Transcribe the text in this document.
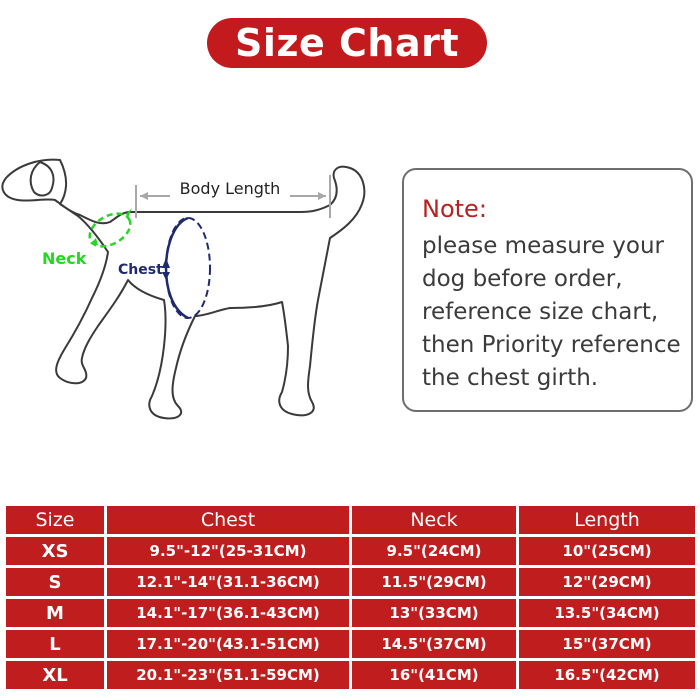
Size Chart
Body Length
Neck
Chest
Note:
please measure your
dog before order,
reference size chart,
then Priority reference
the chest girth.
Size	Chest	Neck	Length
XS	9.5"-12"(25-31CM)	9.5"(24CM)	10"(25CM)
S	12.1"-14"(31.1-36CM)	11.5"(29CM)	12"(29CM)
M	14.1"-17"(36.1-43CM)	13"(33CM)	13.5"(34CM)
L	17.1"-20"(43.1-51CM)	14.5"(37CM)	15"(37CM)
XL	20.1"-23"(51.1-59CM)	16"(41CM)	16.5"(42CM)
